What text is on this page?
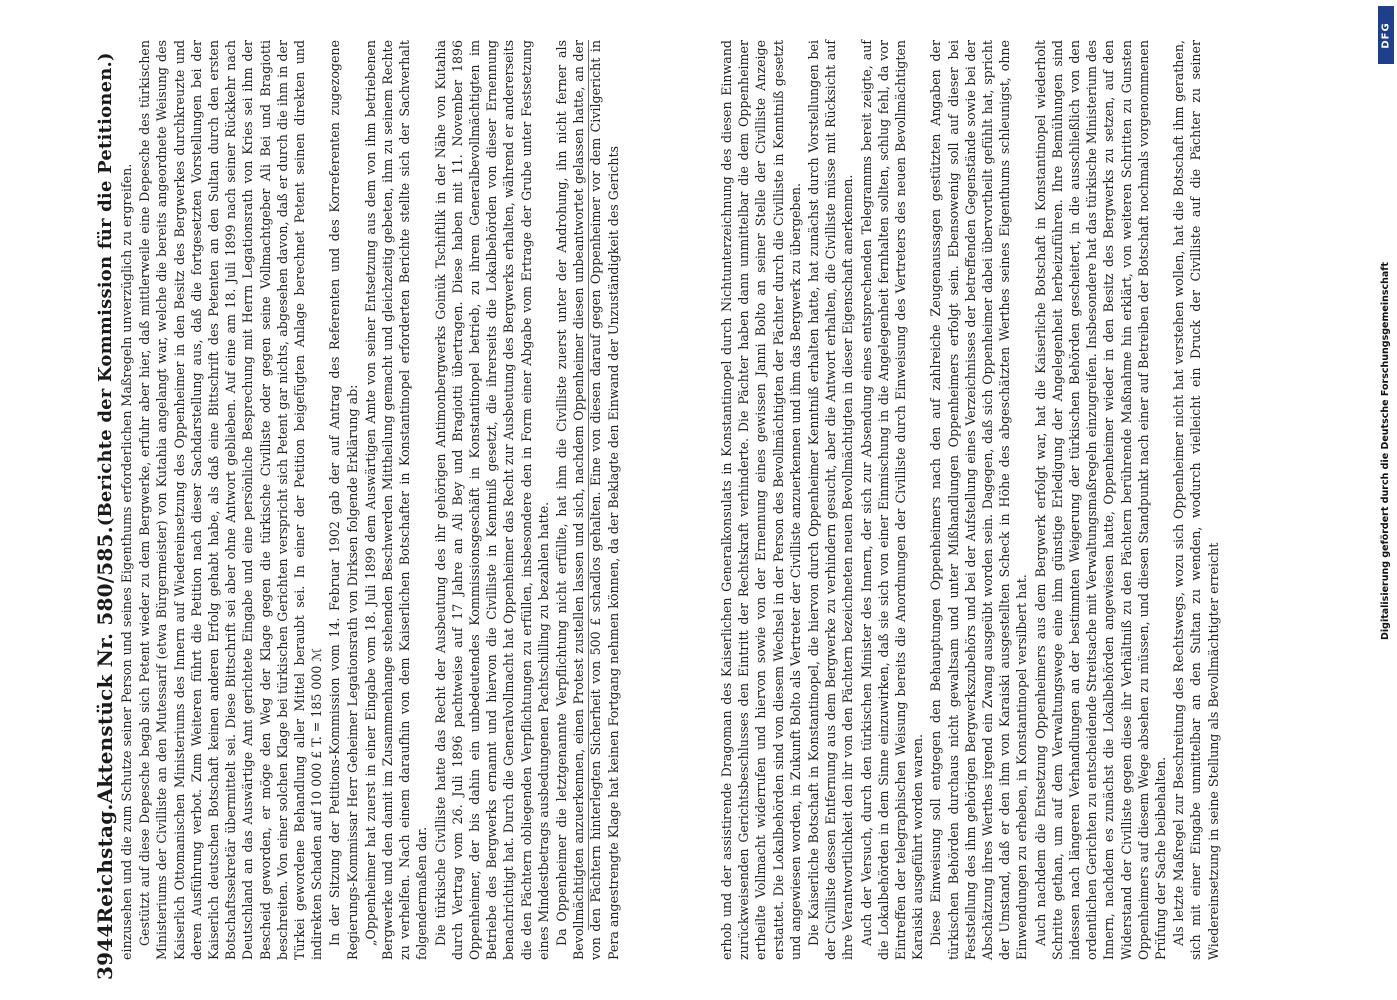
3944
Reichstag.
Aktenstück Nr. 580/585.
(Berichte der Kommission für die Petitionen.) einzusehen und die zum Schutze seiner Person und seines Eigenthums erforderlichen Maßregeln unverzüglich zu ergreifen. Gestützt auf diese Depesche begab sich Petent wieder zu dem Bergwerke, erfuhr aber hier, daß mittlerweile eine Depesche des türkischen Ministeriums der Civilliste an den Mutessarif (etwa Bürgermeister) von Kutahia angelangt war, welche die bereits angeordnete Weisung des Kaiserlich Ottomanischen Ministeriums des Innern auf Wiedereinsetzung des Oppenheimer in den Besitz des Bergwerkes durchkreuzte und deren Ausführung verbot. Zum Weiteren führt die Petition nach dieser Sachdarstellung aus, daß die fortgesetzten Vorstellungen bei der Kaiserlich deutschen Botschaft keinen anderen Erfolg gehabt habe, als daß eine Bittschrift des Petenten an den Sultan durch den ersten Botschaftssekretär übermittelt sei. Diese Bittschrift sei aber ohne Antwort geblieben. Auf eine am 18. Juli 1899 nach seiner Rückkehr nach Deutschland an das Auswärtige Amt gerichtete Eingabe und eine persönliche Besprechung mit Herrn Legationsrath von Kries sei ihm der Bescheid geworden, er möge den Weg der Klage gegen die türkische Civilliste oder gegen seine Vollmachtgeber Ali Bei und Bragiotti beschreiten. Von einer solchen Klage bei türkischen Gerichten verspricht sich Petent gar nichts, abgesehen davon, daß er durch die ihm in der Türkei gewordene Behandlung aller Mittel beraubt sei. In einer der Petition beigefügten Anlage berechnet Petent seinen direkten und indirekten Schaden auf 10 000 £ T. = 185 000 ℳ In der Sitzung der Petitions-Kommission vom 14. Februar 1902 gab der auf Antrag des Referenten und des Korreferenten zugezogene Regierungs-Kommissar Herr Geheimer Legationsrath von Dirksen folgende Erklärung ab: „Oppenheimer hat zuerst in einer Eingabe vom 18. Juli 1899 dem Auswärtigen Amte von seiner Entsetzung aus dem von ihm betriebenen Bergwerke und den damit im Zusammenhange stehenden Beschwerden Mittheilung gemacht und gleichzeitig gebeten, ihm zu seinem Rechte zu verhelfen. Nach einem daraufhin von dem Kaiserlichen Botschafter in Konstantinopel erforderten Berichte stellte sich der Sachverhalt folgendermaßen dar. Die türkische Civilliste hatte das Recht der Ausbeutung des ihr gehörigen Antimonbergwerks Goinük Tschiftlik in der Nähe von Kutahia durch Vertrag vom 26. Juli 1896 pachtweise auf 17 Jahre an Ali Bey und Bragiotti übertragen. Diese haben mit 11. November 1896 Oppenheimer, der bis dahin ein unbedeutendes Kommissionsgeschäft in Konstantinopel betrieb, zu ihrem Generalbevollmächtigten im Betriebe des Bergwerks ernannt und hiervon die Civilliste in Kenntniß gesetzt, die ihrerseits die Lokalbehörden von dieser Ernennung benachrichtigt hat. Durch die Generalvollmacht hat Oppenheimer das Recht zur Ausbeutung des Bergwerks erhalten, während er andererseits die den Pächtern obliegenden Verpflichtungen zu erfüllen, insbesondere den in Form einer Abgabe vom Ertrage der Grube unter Festsetzung eines Mindestbetrags ausbedungenen Pachtschilling zu bezahlen hatte. Da Oppenheimer die letztgenannte Verpflichtung nicht erfüllte, hat ihm die Civilliste zuerst unter der Androhung, ihn nicht ferner als Bevollmächtigten anzuerkennen, einen Protest zustellen lassen und sich, nachdem Oppenheimer diesen unbeantwortet gelassen hatte, an der von den Pächtern hinterlegten Sicherheit von 500 £ schadlos gehalten. Eine von diesen darauf gegen Oppenheimer vor dem Civilgericht in Pera angestrengte Klage hat keinen Fortgang nehmen können, da der Beklagte den Einwand der Unzuständigkeit des Gerichts	erhob und der assistirende Dragoman des Kaiserlichen Generalkonsulats in Konstantinopel durch Nichtunterzeichnung des diesen Einwand zurückweisenden Gerichtsbeschlusses den Eintritt der Rechtskraft verhinderte. Die Pächter haben dann unmittelbar die dem Oppenheimer ertheilte Vollmacht widerrufen und hiervon sowie von der Ernennung eines gewissen Janni Bolto an seiner Stelle der Civilliste Anzeige erstattet. Die Lokalbehörden sind von diesem Wechsel in der Person des Bevollmächtigten der Pächter durch die Civilliste in Kenntniß gesetzt und angewiesen worden, in Zukunft Bolto als Vertreter der Civilliste anzuerkennen und ihm das Bergwerk zu übergeben. Die Kaiserliche Botschaft in Konstantinopel, die hiervon durch Oppenheimer Kenntniß erhalten hatte, hat zunächst durch Vorstellungen bei der Civilliste dessen Entfernung aus dem Bergwerke zu verhindern gesucht, aber die Antwort erhalten, die Civilliste müsse mit Rücksicht auf ihre Verantwortlichkeit den ihr von den Pächtern bezeichneten neuen Bevollmächtigten in dieser Eigenschaft anerkennen. Auch der Versuch, durch den türkischen Minister des Innern, der sich zur Absendung eines entsprechenden Telegramms bereit zeigte, auf die Lokalbehörden in dem Sinne einzuwirken, daß sie sich von einer Einmischung in die Angelegenheit fernhalten sollten, schlug fehl, da vor Eintreffen der telegraphischen Weisung bereits die Anordnungen der Civilliste durch Einweisung des Vertreters des neuen Bevollmächtigten Karaiski ausgeführt worden waren. Diese Einweisung soll entgegen den Behauptungen Oppenheimers nach den auf zahlreiche Zeugenaussagen gestützten Angaben der türkischen Behörden durchaus nicht gewaltsam und unter Mißhandlungen Oppenheimers erfolgt sein. Ebensowenig soll auf dieser bei Feststellung des ihm gehörigen Bergwerkszubehörs und bei der Aufstellung eines Verzeichnisses der betreffenden Gegenstände sowie bei der Abschätzung ihres Werthes irgend ein Zwang ausgeübt worden sein. Dagegen, daß sich Oppenheimer dabei übervortheilt gefühlt hat, spricht der Umstand, daß er den ihm von Karaiski ausgestellten Scheck in Höhe des abgeschätzten Werthes seines Eigenthums schleunigst, ohne Einwendungen zu erheben, in Konstantinopel versilbert hat. Auch nachdem die Entsetzung Oppenheimers aus dem Bergwerk erfolgt war, hat die Kaiserliche Botschaft in Konstantinopel wiederholt Schritte gethan, um auf dem Verwaltungswege eine ihm günstige Erledigung der Angelegenheit herbeizuführen. Ihre Bemühungen sind indessen nach längeren Verhandlungen an der bestimmten Weigerung der türkischen Behörden gescheitert, in die ausschließlich von den ordentlichen Gerichten zu entscheidende Streitsache mit Verwaltungsmaßregeln einzugreifen. Insbesondere hat das türkische Ministerium des Innern, nachdem es zunächst die Lokalbehörden angewiesen hatte, Oppenheimer wieder in den Besitz des Bergwerks zu setzen, auf den Widerstand der Civilliste gegen diese ihr Verhältniß zu den Pächtern berührende Maßnahme hin erklärt, von weiteren Schritten zu Gunsten Oppenheimers auf diesem Wege absehen zu müssen, und diesen Standpunkt nach einer auf Betreiben der Botschaft nochmals vorgenommenen Prüfung der Sache beibehalten. Als letzte Maßregel zur Beschreitung des Rechtswegs, wozu sich Oppenheimer nicht hat verstehen wollen, hat die Botschaft ihm gerathen, sich mit einer Eingabe unmittelbar an den Sultan zu wenden, wodurch vielleicht ein Druck der Civilliste auf die Pächter zu seiner Wiedereinsetzung in seine Stellung als Bevollmächtigter erreicht

DFG
Digitalisierung gefördert durch die Deutsche Forschungsgemeinschaft
